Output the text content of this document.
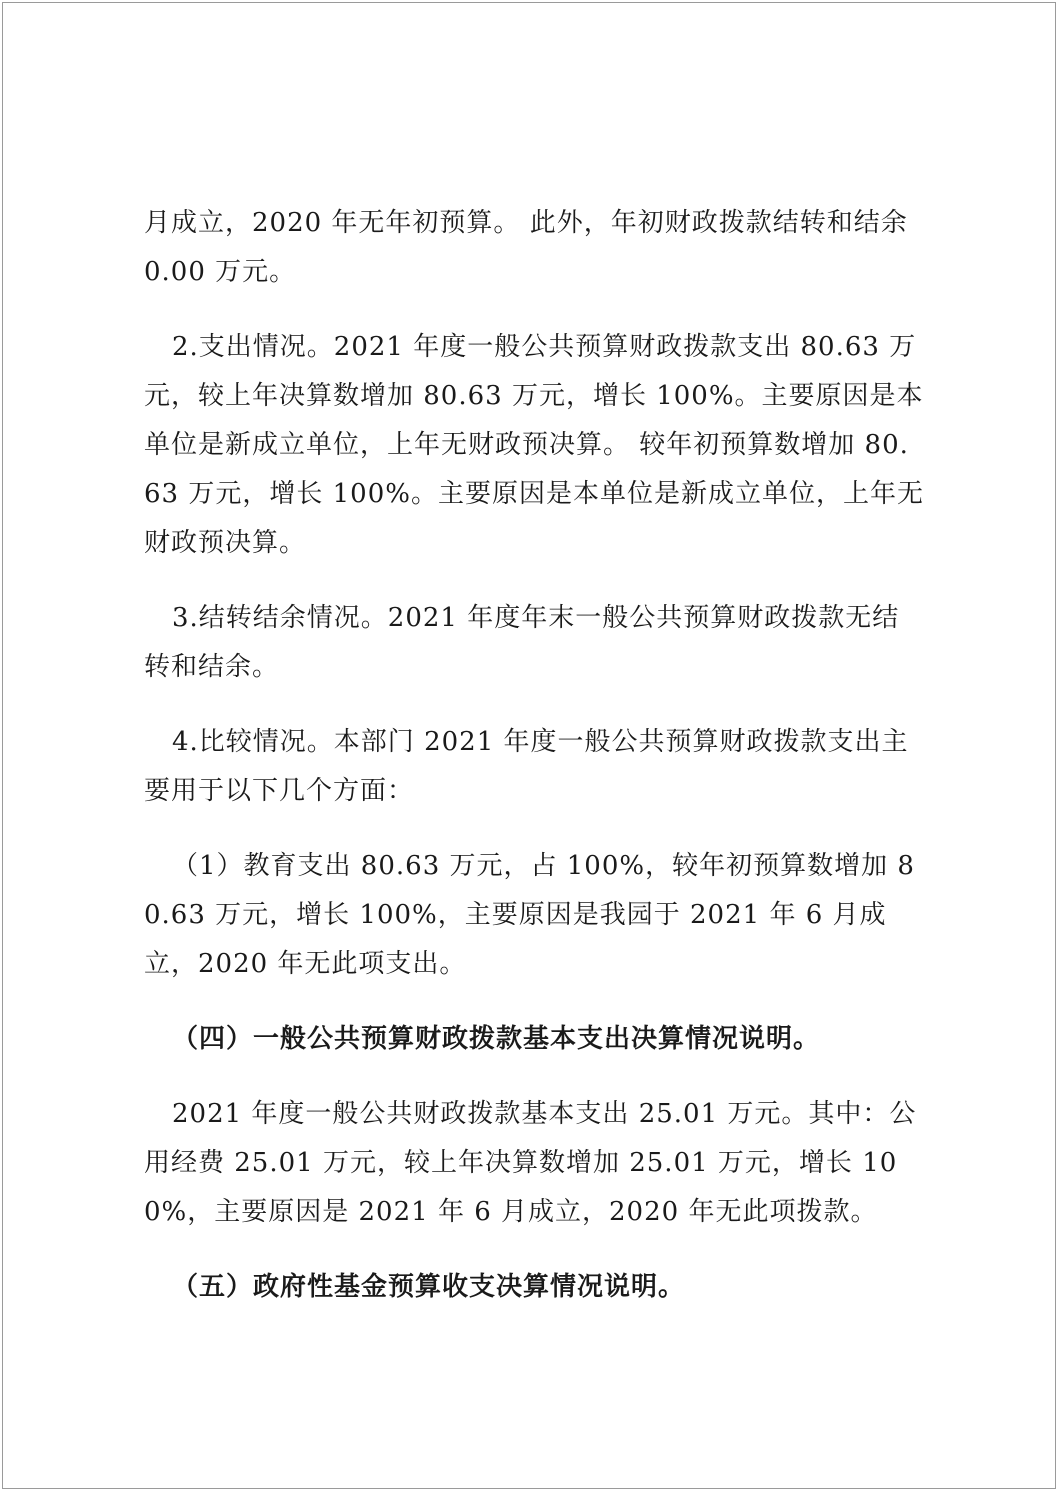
月成立，2020 年无年初预算。 此外，年初财政拨款结转和结余 0.00 万元。

2.支出情况。2021 年度一般公共预算财政拨款支出 80.63 万元，较上年决算数增加 80.63 万元，增长 100%。主要原因是本单位是新成立单位，上年无财政预决算。 较年初预算数增加 80.63 万元，增长 100%。主要原因是本单位是新成立单位，上年无财政预决算。

3.结转结余情况。2021 年度年末一般公共预算财政拨款无结转和结余。

4.比较情况。本部门 2021 年度一般公共预算财政拨款支出主要用于以下几个方面：

（1）教育支出 80.63 万元，占 100%，较年初预算数增加 80.63 万元，增长 100%，主要原因是我园于 2021 年 6 月成立，2020 年无此项支出。

（四）一般公共预算财政拨款基本支出决算情况说明。

2021 年度一般公共财政拨款基本支出 25.01 万元。其中：公用经费 25.01 万元，较上年决算数增加 25.01 万元，增长 100%，主要原因是 2021 年 6 月成立，2020 年无此项拨款。

（五）政府性基金预算收支决算情况说明。
